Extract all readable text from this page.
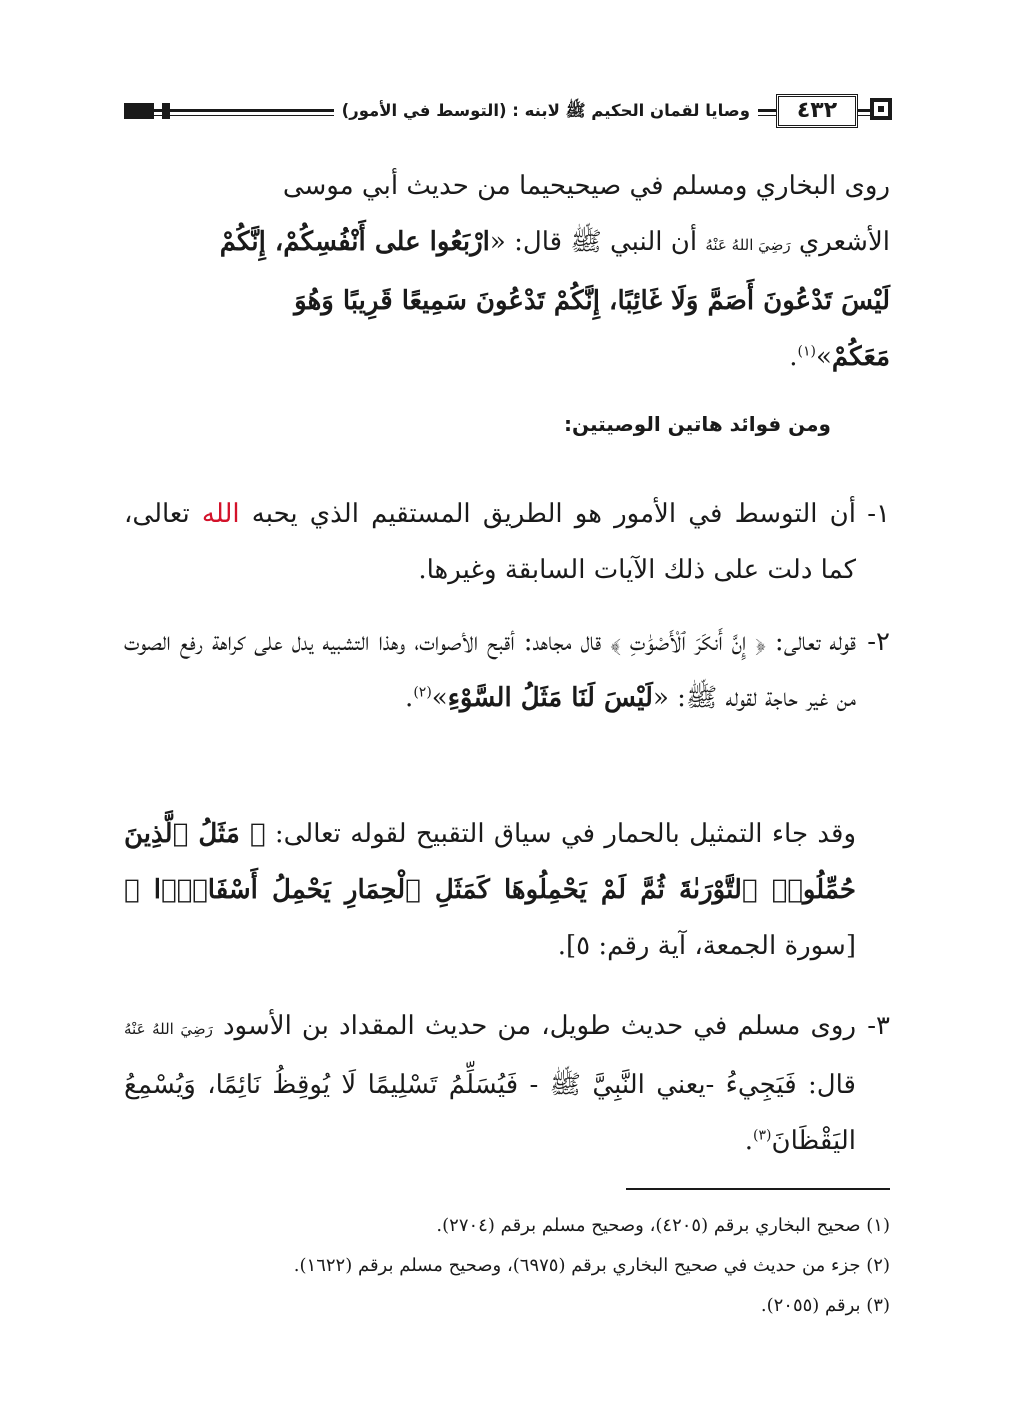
٤٣٢
وصايا لقمان الحكيم ﷺ لابنه : (التوسط في الأمور)

روى البخاري ومسلم في صيحيحيما من حديث أبي موسى

الأشعري رَضِيَ اللهُ عَنْهُ أن النبي ﷺ قال: «ارْبَعُوا على أَنْفُسِكُمْ، إِنَّكُمْ

لَيْسَ تَدْعُونَ أَصَمَّ وَلَا غَائِبًا، إِنَّكُمْ تَدْعُونَ سَمِيعًا قَرِيبًا وَهُوَ

مَعَكُمْ»$^{(١)}$.

ومن فوائد هاتين الوصيتين:
١-
أن التوسط في الأمور هو الطريق المستقيم الذي يحبه الله تعالى، كما دلت على ذلك الآيات السابقة وغيرها.
٢-
قوله تعالى: ﴿ إِنَّ أَنكَرَ ٱلْأَصْوَٰتِ ﴾ قال مجاهد: أقبح الأصوات، وهذا التشبيه يدل على كراهة رفع الصوت من غير حاجة لقوله ﷺ: «لَيْسَ لَنَا مَثَلُ السَّوْءِ»$^{(٢)}$.
وقد جاء التمثيل بالحمار في سياق التقبيح لقوله تعالى: ﴿ مَثَلُ ٱلَّذِينَ حُمِّلُوا۟ ٱلتَّوْرَىٰةَ ثُمَّ لَمْ يَحْمِلُوهَا كَمَثَلِ ٱلْحِمَارِ يَحْمِلُ أَسْفَارًۢا ﴾ [سورة الجمعة، آية رقم: ٥].
٣-
روى مسلم في حديث طويل، من حديث المقداد بن الأسود رَضِيَ اللهُ عَنْهُ قال: فَيَجِيءُ -يعني النَّبِيَّ ﷺ - فَيُسَلِّمُ تَسْلِيمًا لَا يُوقِظُ نَائِمًا، وَيُسْمِعُ اليَقْظَانَ$^{(٣)}$.

(١) صحيح البخاري برقم (٤٢٠٥)، وصحيح مسلم برقم (٢٧٠٤).

(٢) جزء من حديث في صحيح البخاري برقم (٦٩٧٥)، وصحيح مسلم برقم (١٦٢٢).

(٣) برقم (٢٠٥٥).
